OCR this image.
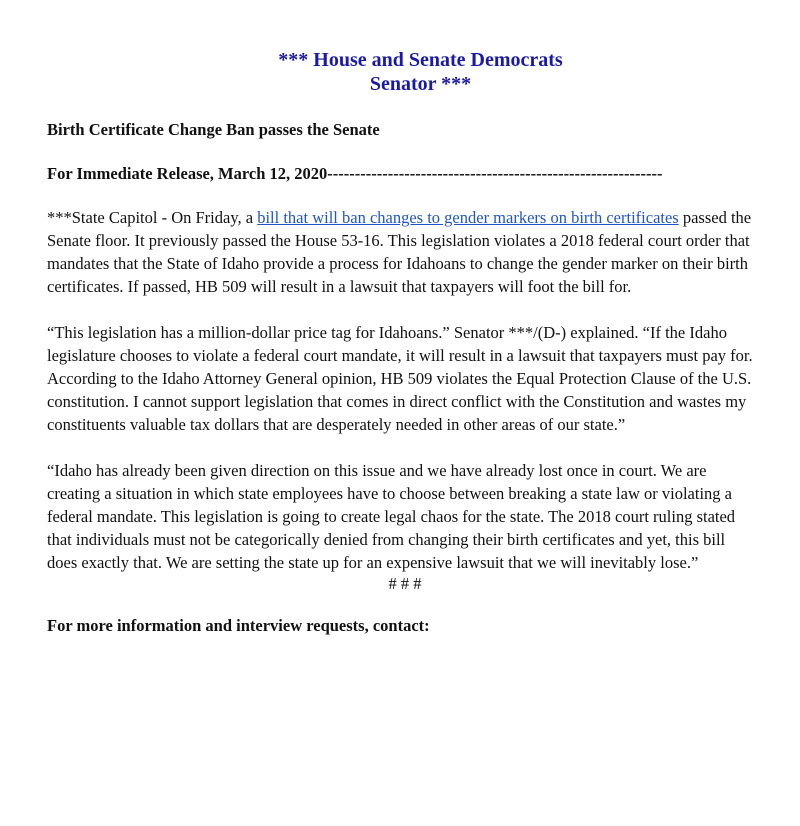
*** House and Senate Democrats
Senator ***

Birth Certificate Change Ban passes the Senate

For Immediate Release, March 12, 2020-------------------------------------------------------------

***State Capitol - On Friday, a bill that will ban changes to gender markers on birth certificates passed the Senate floor. It previously passed the House 53-16. This legislation violates a 2018 federal court order that mandates that the State of Idaho provide a process for Idahoans to change the gender marker on their birth certificates. If passed, HB 509 will result in a lawsuit that taxpayers will foot the bill for.

“This legislation has a million-dollar price tag for Idahoans.” Senator ***/(D-) explained. “If the Idaho legislature chooses to violate a federal court mandate, it will result in a lawsuit that taxpayers must pay for. According to the Idaho Attorney General opinion, HB 509 violates the Equal Protection Clause of the U.S. constitution. I cannot support legislation that comes in direct conflict with the Constitution and wastes my constituents valuable tax dollars that are desperately needed in other areas of our state.”

“Idaho has already been given direction on this issue and we have already lost once in court. We are creating a situation in which state employees have to choose between breaking a state law or violating a federal mandate. This legislation is going to create legal chaos for the state. The 2018 court ruling stated that individuals must not be categorically denied from changing their birth certificates and yet, this bill does exactly that. We are setting the state up for an expensive lawsuit that we will inevitably lose.”

# # #

For more information and interview requests, contact:
